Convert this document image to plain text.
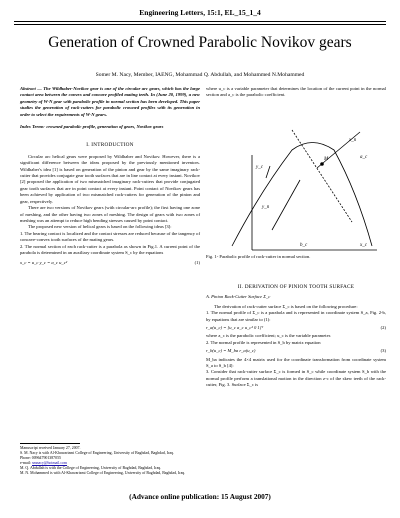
Engineering Letters, 15:1, EL_15_1_4
Generation of Crowned Parabolic Novikov gears
Somer M. Nacy, Member, IAENG, Mohammad Q. Abdullah, and Mohammed N.Mohammed

Abstract — The Wildhaber-Novikov gear is one of the circular arc gears, which has the large contact area between the convex and concave profiled mating teeth. In (June 20, 1999), a new geometry of W-N gear with parabolic profile in normal section has been developed. This paper studies the generation of rack-cutters for parabolic crowned profiles with its generation in order to select the requirements of W-N gears.

Index Terms- crowned parabolic profile, generation of gears, Novikov gears

I. INTRODUCTION

Circular arc helical gears were proposed by Wildhaber and Novikov. However, there is a significant difference between the ideas proposed by the previously mentioned inventors. Wildhaber's idea [1] is based on generation of the pinion and gear by the same imaginary rack-cutter that provides conjugate gear tooth surfaces that are in line contact at every instant. Novikov [2] proposed the application of two mismatched imaginary rack-cutters that provide conjugated gear tooth surfaces that are in point contact at every instant. Point contact of Novikov gears has been achieved by application of two mismatched rack-cutters for generation of the pinion and gear, respectively.

There are two versions of Novikov gears (with circular-arc profile); the first having one zone of meshing, and the other having two zones of meshing. The design of gears with two zones of meshing was an attempt to reduce high bending stresses caused by point contact.

The proposed new version of helical gears is based on the following ideas [3]:

1. The bearing contact is localized and the contact stresses are reduced because of the tangency of concave-convex tooth surfaces of the mating gears.

2. The normal section of each rack-cutter is a parabola as shown in Fig.1. A current point of the parabola is determined in an auxiliary coordinate system S_c by the equations

x_c = u_c y_c = a_c u_c²	(1)

Manuscript received January 27, 2007.

S. M. Nacy is with Al-Khawarizmi College of Engineering, University of Baghdad, Baghdad, Iraq.

Phone: 009647901387055

e-mail: smnacy@hotmail.com

M. Q. Abdullah is with the College of Engineering, University of Baghdad, Baghdad, Iraq.

M. N. Mohammed is with Al-Khawarizmi College of Engineering, University of Baghdad, Baghdad, Iraq.

where u_c is a variable parameter that determines the location of the current point in the normal section and a_c is the parabolic coefficient.

x_n
M	a_c
y_c
y_n
x_c
b_c
Fig. 1- Parabolic profile of rack-cutter in normal section.

II. DERIVATION OF PINION TOOTH SURFACE

A. Pinion Rack-Cutter Surface Σ_c

The derivation of rack-cutter surface Σ_c is based on the following procedure:

1. The normal profile of Σ_c is a parabola and is represented in coordinate system S_a, Fig. 2-b, by equations that are similar to (1):

r_a(u_c) = [u_c a_c u_c² 0 1]ᵀ	(2)

where a_c is the parabolic coefficient; u_c is the variable parameter.

2. The normal profile is represented in S_b by matrix equation

r_b(u_c) = M_ba r_a(u_c)	(3)

M_ba indicates the 4×4 matrix used for the coordinate transformation from coordinate system S_a to S_b [4]:

3. Consider that rack-cutter surface Σ_c is formed in S_c while coordinate system S_b with the normal profile perform a translational motion in the direction z-c of the skew teeth of the rack-cutter, Fig. 3. Surface Σ_c is

(Advance online publication: 15 August 2007)
